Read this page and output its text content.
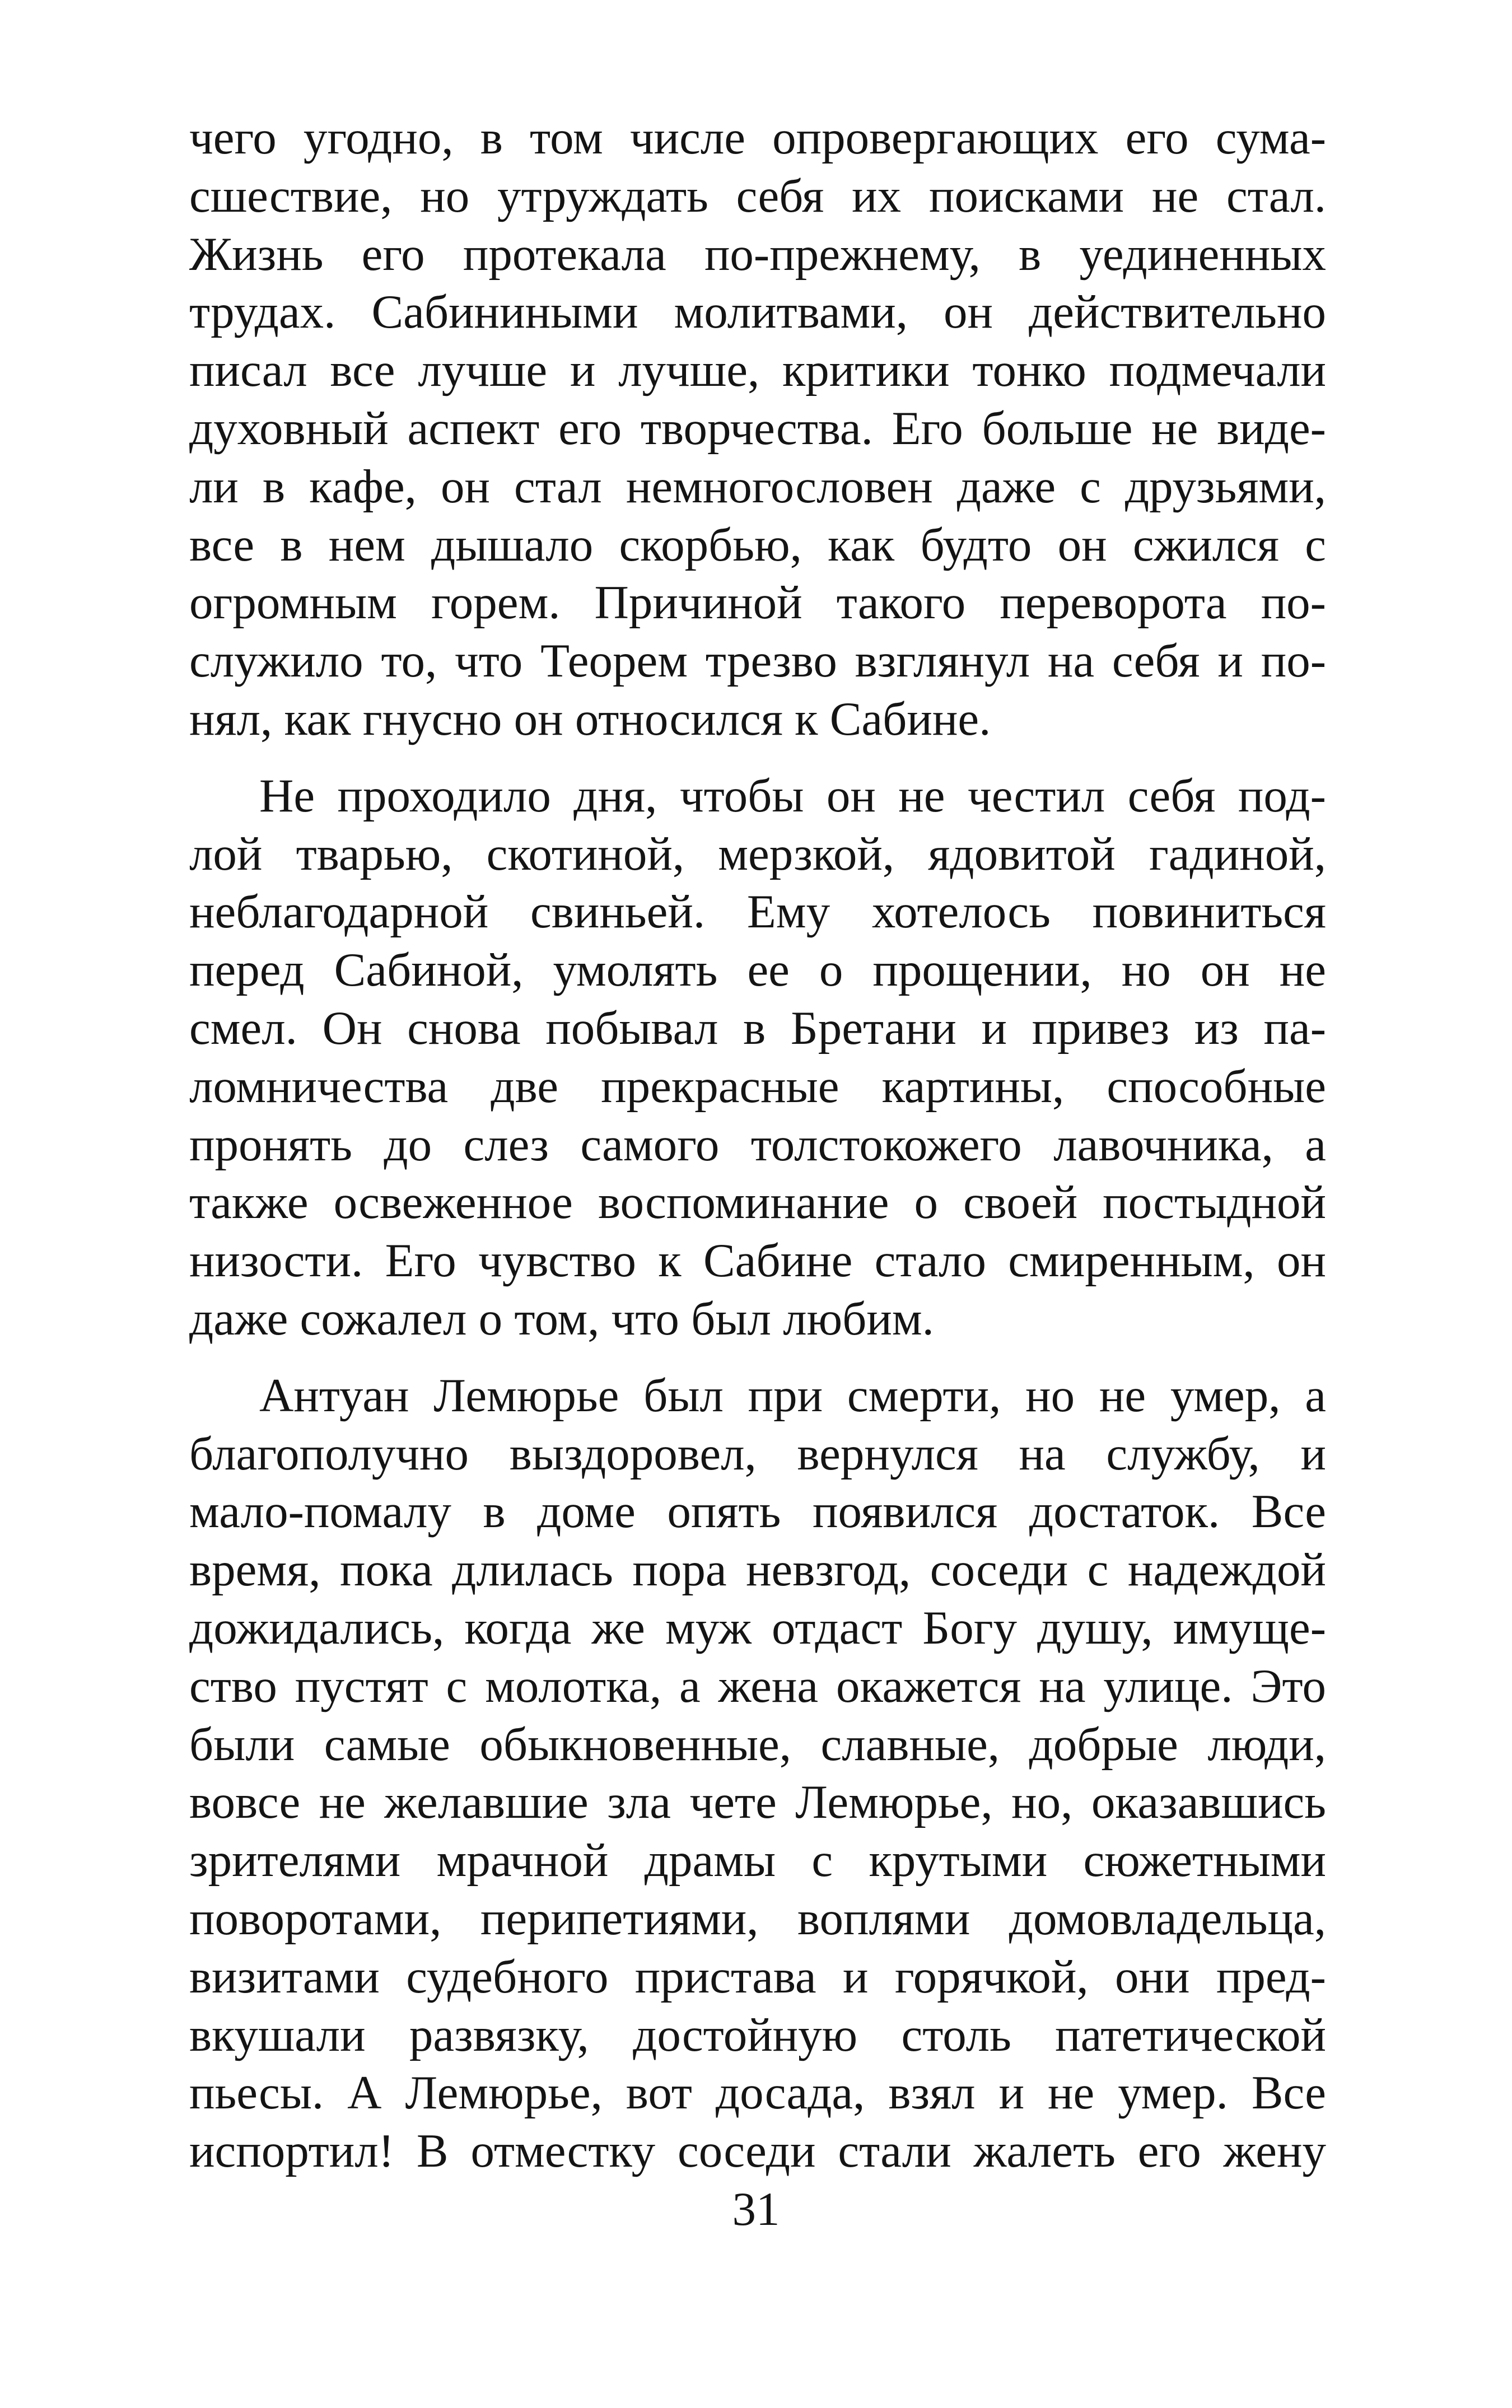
чего угодно, в том числе опровергающих его сума-
сшествие, но утруждать себя их поисками не стал.
Жизнь его протекала по-прежнему, в уединенных
трудах. Сабиниными молитвами, он действительно
писал все лучше и лучше, критики тонко подмечали
духовный аспект его творчества. Его больше не виде-
ли в кафе, он стал немногословен даже с друзьями,
все в нем дышало скорбью, как будто он сжился с
огромным горем. Причиной такого переворота по-
служило то, что Теорем трезво взглянул на себя и по-
нял, как гнусно он относился к Сабине.
Не проходило дня, чтобы он не честил себя под-
лой тварью, скотиной, мерзкой, ядовитой гадиной,
неблагодарной свиньей. Ему хотелось повиниться
перед Сабиной, умолять ее о прощении, но он не
смел. Он снова побывал в Бретани и привез из па-
ломничества две прекрасные картины, способные
пронять до слез самого толстокожего лавочника, а
также освеженное воспоминание о своей постыдной
низости. Его чувство к Сабине стало смиренным, он
даже сожалел о том, что был любим.
Антуан Лемюрье был при смерти, но не умер, а
благополучно выздоровел, вернулся на службу, и
мало-помалу в доме опять появился достаток. Все
время, пока длилась пора невзгод, соседи с надеждой
дожидались, когда же муж отдаст Богу душу, имуще-
ство пустят с молотка, а жена окажется на улице. Это
были самые обыкновенные, славные, добрые люди,
вовсе не желавшие зла чете Лемюрье, но, оказавшись
зрителями мрачной драмы с крутыми сюжетными
поворотами, перипетиями, воплями домовладельца,
визитами судебного пристава и горячкой, они пред-
вкушали развязку, достойную столь патетической
пьесы. А Лемюрье, вот досада, взял и не умер. Все
испортил! В отместку соседи стали жалеть его жену
31
